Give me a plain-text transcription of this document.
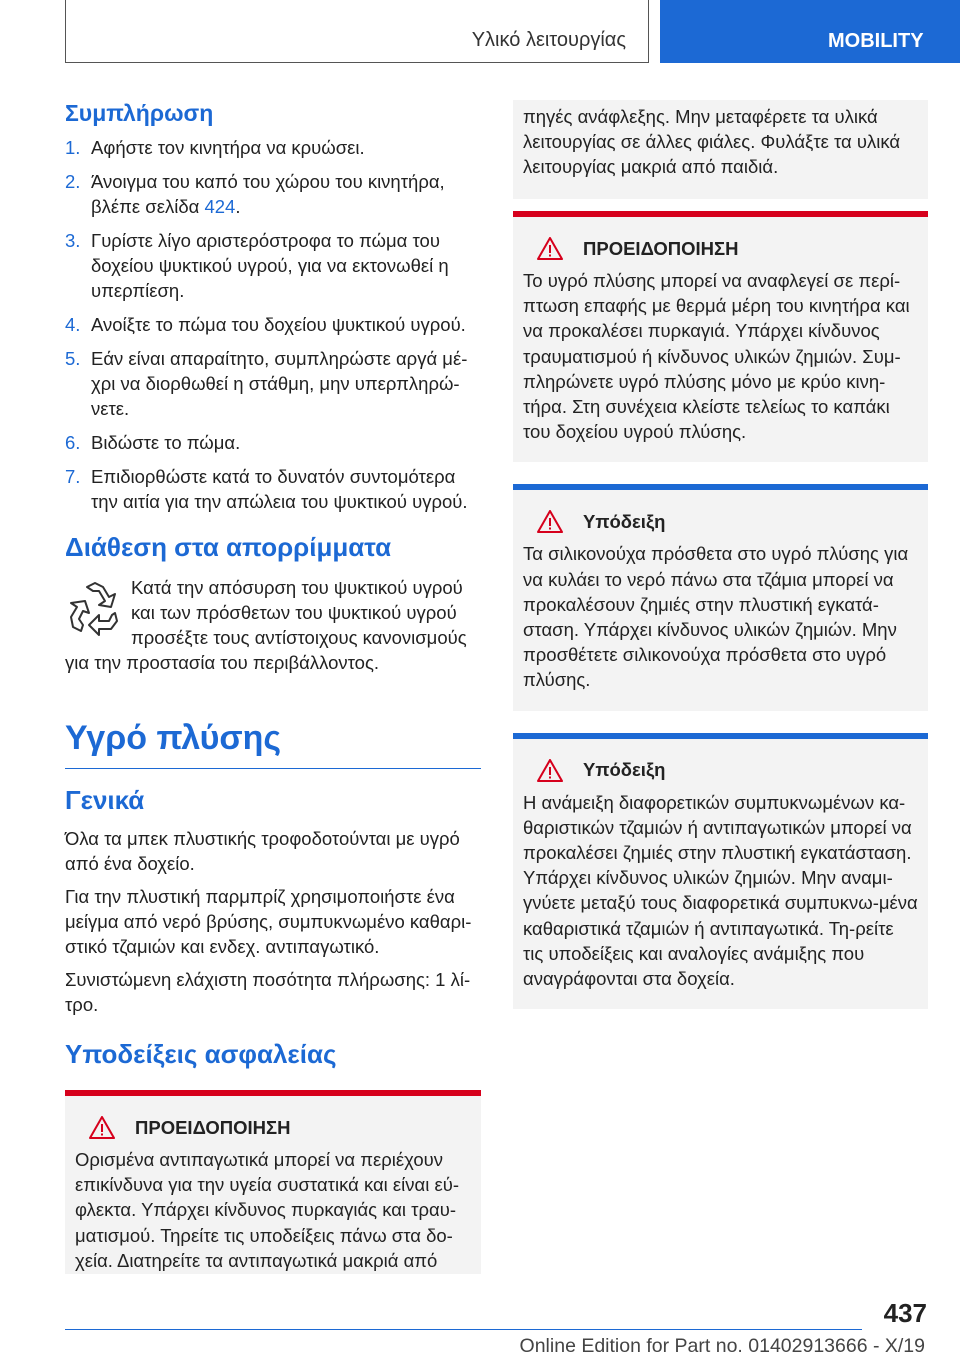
Υλικό λειτουργίας	MOBILITY
Συμπλήρωση
1. Αφήστε τον κινητήρα να κρυώσει.
2. Άνοιγμα του καπό του χώρου του κινητήρα, βλέπε σελίδα 424.
3. Γυρίστε λίγο αριστερόστροφα το πώμα του δοχείου ψυκτικού υγρού, για να εκτονωθεί η υπερπίεση.
4. Ανοίξτε το πώμα του δοχείου ψυκτικού υγρού.
5. Εάν είναι απαραίτητο, συμπληρώστε αργά μέ-χρι να διορθωθεί η στάθμη, μην υπερπληρώ-νετε.
6. Βιδώστε το πώμα.
7. Επιδιορθώστε κατά το δυνατόν συντομότερα την αιτία για την απώλεια του ψυκτικού υγρού.
Διάθεση στα απορρίμματα
Κατά την απόσυρση του ψυκτικού υγρού και των πρόσθετων του ψυκτικού υγρού προσέξτε τους αντίστοιχους κανονισμούς
για την προστασία του περιβάλλοντος.
Υγρό πλύσης
Γενικά
Όλα τα μπεκ πλυστικής τροφοδοτούνται με υγρό από ένα δοχείο.
Για την πλυστική παρμπρίζ χρησιμοποιήστε ένα μείγμα από νερό βρύσης, συμπυκνωμένο καθαρι-στικό τζαμιών και ενδεχ. αντιπαγωτικό.
Συνιστώμενη ελάχιστη ποσότητα πλήρωσης: 1 λί-τρο.
Υποδείξεις ασφαλείας
ΠΡΟΕΙΔΟΠΟΙΗΣΗ
Ορισμένα αντιπαγωτικά μπορεί να περιέχουν επικίνδυνα για την υγεία συστατικά και είναι εύ-φλεκτα. Υπάρχει κίνδυνος πυρκαγιάς και τραυ-ματισμού. Τηρείτε τις υποδείξεις πάνω στα δο-χεία. Διατηρείτε τα αντιπαγωτικά μακριά από
πηγές ανάφλεξης. Μην μεταφέρετε τα υλικά λειτουργίας σε άλλες φιάλες. Φυλάξτε τα υλικά λειτουργίας μακριά από παιδιά.
ΠΡΟΕΙΔΟΠΟΙΗΣΗ
Το υγρό πλύσης μπορεί να αναφλεγεί σε περί-πτωση επαφής με θερμά μέρη του κινητήρα και να προκαλέσει πυρκαγιά. Υπάρχει κίνδυνος τραυματισμού ή κίνδυνος υλικών ζημιών. Συμ-πληρώνετε υγρό πλύσης μόνο με κρύο κινη-τήρα. Στη συνέχεια κλείστε τελείως το καπάκι του δοχείου υγρού πλύσης.
Υπόδειξη
Τα σιλικονούχα πρόσθετα στο υγρό πλύσης για να κυλάει το νερό πάνω στα τζάμια μπορεί να προκαλέσουν ζημιές στην πλυστική εγκατά-σταση. Υπάρχει κίνδυνος υλικών ζημιών. Μην προσθέτετε σιλικονούχα πρόσθετα στο υγρό πλύσης.
Υπόδειξη
Η ανάμειξη διαφορετικών συμπυκνωμένων κα-θαριστικών τζαμιών ή αντιπαγωτικών μπορεί να προκαλέσει ζημιές στην πλυστική εγκατάσταση. Υπάρχει κίνδυνος υλικών ζημιών. Μην αναμι-γνύετε μεταξύ τους διαφορετικά συμπυκνω-μένα καθαριστικά τζαμιών ή αντιπαγωτικά. Τη-ρείτε τις υποδείξεις και αναλογίες ανάμιξης που αναγράφονται στα δοχεία.
437
Online Edition for Part no. 01402913666 - X/19
